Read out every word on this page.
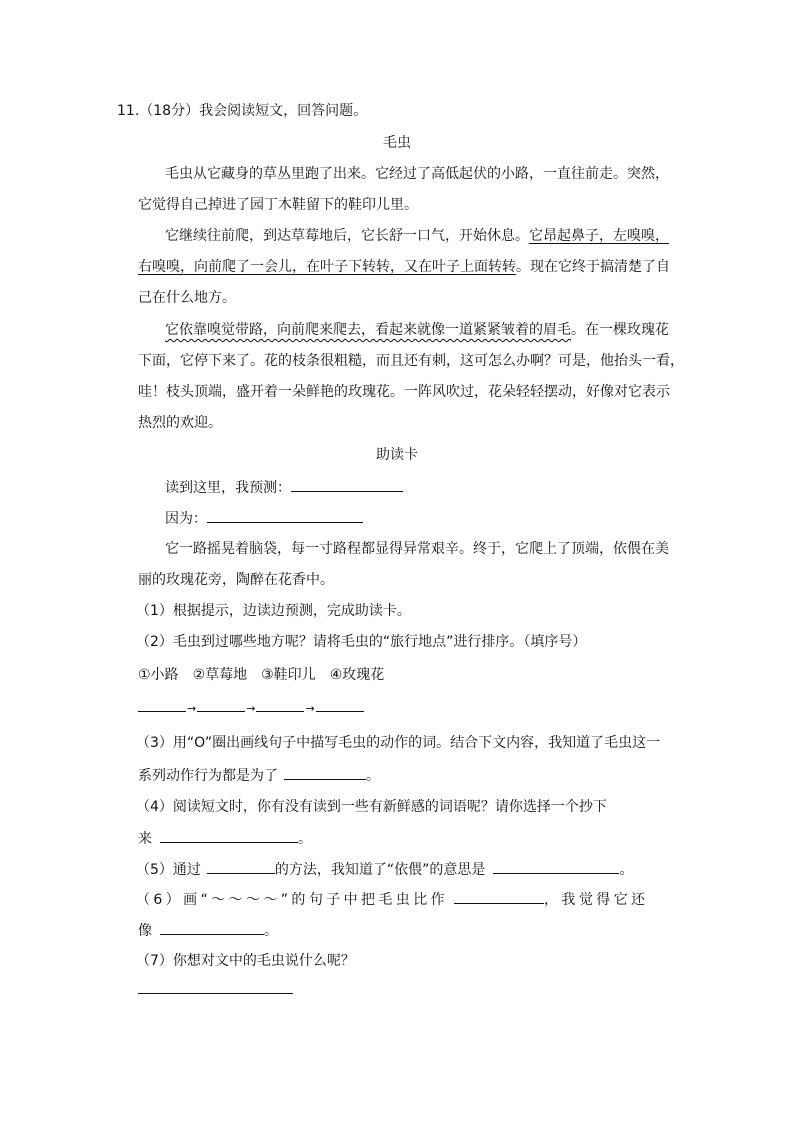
11.（18分）我会阅读短文，回答问题。
毛虫
毛虫从它藏身的草丛里跑了出来。它经过了高低起伏的小路，一直往前走。突然，
它觉得自己掉进了园丁木鞋留下的鞋印儿里。
它继续往前爬，到达草莓地后，它长舒一口气，开始休息。它昂起鼻子，左嗅嗅，
右嗅嗅，向前爬了一会儿，在叶子下转转，又在叶子上面转转。现在它终于搞清楚了自
己在什么地方。
它依靠嗅觉带路，向前爬来爬去，看起来就像一道紧紧皱着的眉毛。在一棵玫瑰花
下面，它停下来了。花的枝条很粗糙，而且还有刺，这可怎么办啊？可是，他抬头一看，
哇！枝头顶端，盛开着一朵鲜艳的玫瑰花。一阵风吹过，花朵轻轻摆动，好像对它表示
热烈的欢迎。
助读卡
读到这里，我预测：
因为：
它一路摇晃着脑袋，每一寸路程都显得异常艰辛。终于，它爬上了顶端，依偎在美
丽的玫瑰花旁，陶醉在花香中。
（1）根据提示，边读边预测，完成助读卡。
（2）毛虫到过哪些地方呢？请将毛虫的“旅行地点”进行排序。（填序号）
①小路 ②草莓地 ③鞋印儿 ④玫瑰花
→	→	→
（3）用“O”圈出画线句子中描写毛虫的动作的词。结合下文内容，我知道了毛虫这一
系列动作行为都是为了	。
（4）阅读短文时，你有没有读到一些有新鲜感的词语呢？请你选择一个抄下
来	。
（5）通过	的方法，我知道了“依偎”的意思是	。
（6）画“～～～～”的句子中把毛虫比作	，我觉得它还
像	。
（7）你想对文中的毛虫说什么呢？
